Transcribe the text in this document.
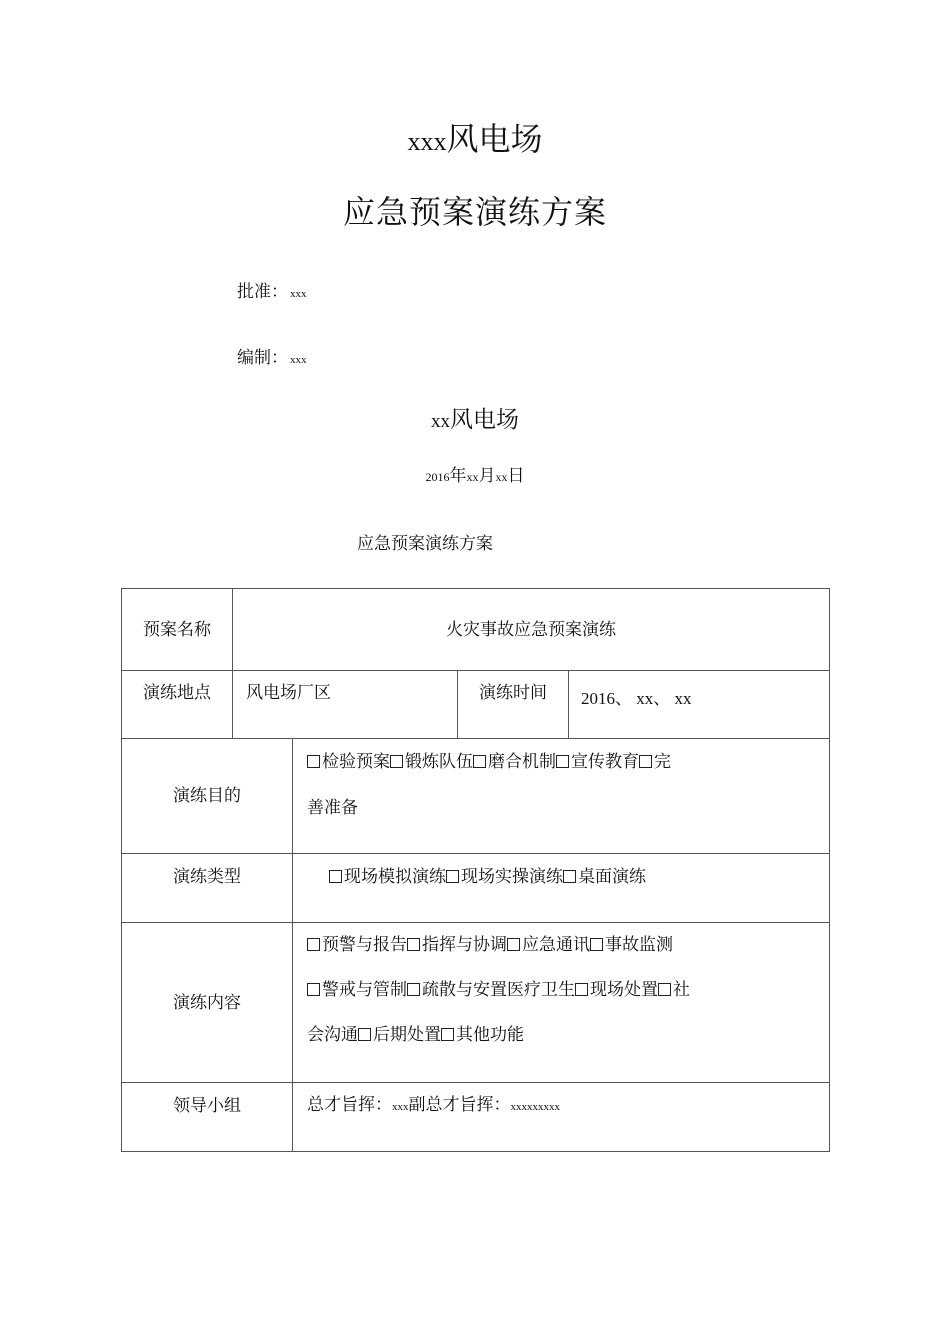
xxx风电场
应急预案演练方案
批准： xxx
编制： xxx
xx风电场
2016年xx月xx日
应急预案演练方案
预案名称	火灾事故应急预案演练			
演练地点	风电场厂区		演练时间	2016、 xx、 xx
演练目的		检验预案 锻炼队伍 磨合机制 宣传教育 完
善准备		

演练类型		现场模拟演练 现场实操演练 桌面演练		
演练内容		预警与报告 指挥与协调 应急通讯 事故监测
警戒与管制 疏散与安置医疗卫生 现场处置 社
会沟通 后期处置 其他功能		

领导小组		总才旨挥：xxx副总才旨挥：xxxxxxxxx		
